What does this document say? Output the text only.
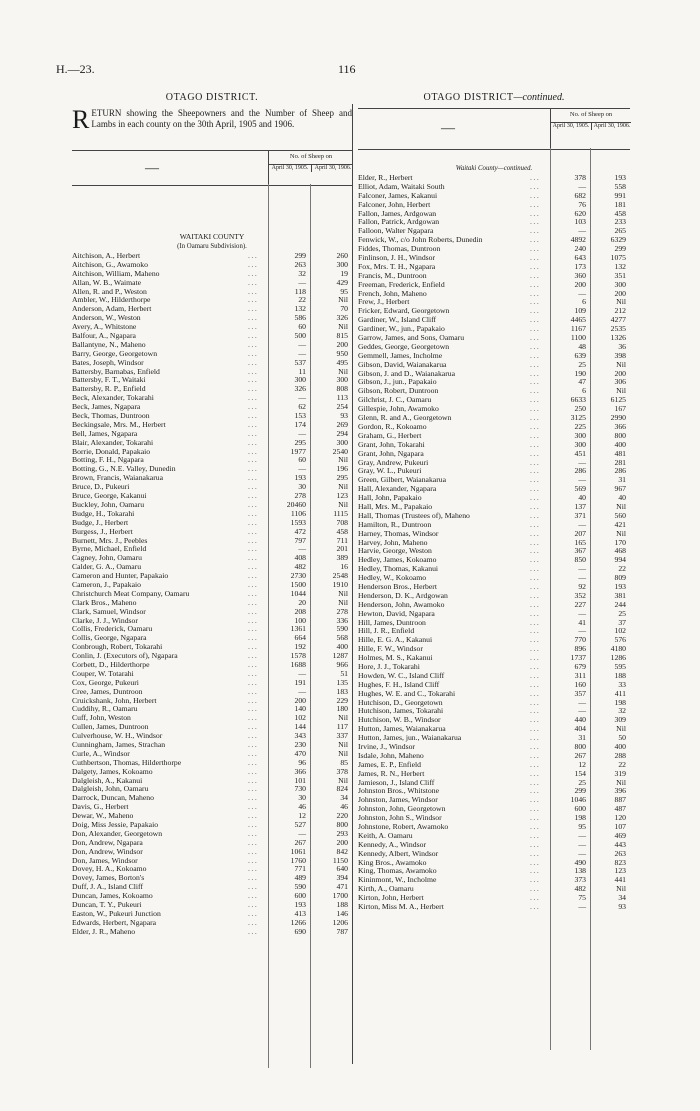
H.—23.	116
OTAGO DISTRICT.	OTAGO DISTRICT—continued.
RETURN showing the Sheepowners and the Number of Sheep and Lambs in each county on the 30th April, 1905 and 1906.
—
No. of Sheep on
April 30, 1905.	April 30, 1906.
WAITAKI COUNTY
(In Oamaru Subdivision).
Aitchison, A., Herbert	...	299	260
Aitchison, G., Awamoko	...	263	300
Aitchison, William, Maheno	...	32	19
Allan, W. B., Waimate	...	—	429
Allen, R. and P., Weston	...	118	95
Ambler, W., Hilderthorpe	...	22	Nil
Anderson, Adam, Herbert	...	132	70
Anderson, W., Weston	...	586	326
Avery, A., Whitstone	...	60	Nil
Balfour, A., Ngapara	...	500	815
Ballantyne, N., Maheno	...	—	200
Barry, George, Georgetown	...	—	950
Bates, Joseph, Windsor	...	537	495
Battersby, Barnabas, Enfield	...	11	Nil
Battersby, F. T., Waitaki	...	300	300
Battersby, R. P., Enfield	...	326	808
Beck, Alexander, Tokarahi	...	—	113
Beck, James, Ngapara	...	62	254
Beck, Thomas, Duntroon	...	153	93
Beckingsale, Mrs. M., Herbert	...	174	269
Bell, James, Ngapara	...	—	294
Blair, Alexander, Tokarahi	...	295	300
Borrie, Donald, Papakaio	...	1977	2540
Botting, F. H., Ngapara	...	60	Nil
Botting, G., N.E. Valley, Dunedin	...	—	196
Brown, Francis, Waianakarua	...	193	295
Bruce, D., Pukeuri	...	30	Nil
Bruce, George, Kakanui	...	278	123
Buckley, John, Oamaru	...	20460	Nil
Budge, H., Tokarahi	...	1106	1115
Budge, J., Herbert	...	1593	708
Burgess, J., Herbert	...	472	458
Burnett, Mrs. J., Peebles	...	797	711
Byrne, Michael, Enfield	...	—	201
Cagney, John, Oamaru	...	408	389
Calder, G. A., Oamaru	...	482	16
Cameron and Hunter, Papakaio	...	2730	2548
Cameron, J., Papakaio	...	1500	1910
Christchurch Meat Company, Oamaru	...	1044	Nil
Clark Bros., Maheno	...	20	Nil
Clark, Samuel, Windsor	...	208	278
Clarke, J. J., Windsor	...	100	336
Collis, Frederick, Oamaru	...	1361	590
Collis, George, Ngapara	...	664	568
Conbrough, Robert, Tokarahi	...	192	400
Conlin, J. (Executors of), Ngapara	...	1578	1287
Corbett, D., Hilderthorpe	...	1688	966
Couper, W. Totarahi	...	—	51
Cox, George, Pukeuri	...	191	135
Cree, James, Duntroon	...	—	183
Cruickshank, John, Herbert	...	200	229
Cuddihy, R., Oamaru	...	140	180
Cuff, John, Weston	...	102	Nil
Cullen, James, Duntroon	...	144	117
Culverhouse, W. H., Windsor	...	343	337
Cunningham, James, Strachan	...	230	Nil
Curle, A., Windsor	...	470	Nil
Cuthbertson, Thomas, Hilderthorpe	...	96	85
Dalgety, James, Kokoamo	...	366	378
Dalgleish, A., Kakanui	...	101	Nil
Dalgleish, John, Oamaru	...	730	824
Darrock, Duncan, Maheno	...	30	34
Davis, G., Herbert	...	46	46
Dewar, W., Maheno	...	12	220
Doig, Miss Jessie, Papakaio	...	527	800
Don, Alexander, Georgetown	...	—	293
Don, Andrew, Ngapara	...	267	200
Don, Andrew, Windsor	...	1061	842
Don, James, Windsor	...	1760	1150
Dovey, H. A., Kokoamo	...	771	640
Dovey, James, Borton's	...	489	394
Duff, J. A., Island Cliff	...	590	471
Duncan, James, Kokoamo	...	600	1700
Duncan, T. Y., Pukeuri	...	193	188
Easton, W., Pukeuri Junction	...	413	146
Edwards, Herbert, Ngapara	...	1266	1206
Elder, J. R., Maheno	...	690	787
—
No. of Sheep on
April 30, 1905. April 30, 1906.
Waitaki County—continued.
Elder, R., Herbert	...	378	193
Elliot, Adam, Waitaki South	...	—	558
Falconer, James, Kakanui	...	682	991
Falconer, John, Herbert	...	76	181
Fallon, James, Ardgowan	...	620	458
Fallon, Patrick, Ardgowan	...	103	233
Falloon, Walter Ngapara	...	—	265
Fenwick, W., c/o John Roberts, Dunedin	...	4892	6329
Fiddes, Thomas, Duntroon	...	240	299
Finlinson, J. H., Windsor	...	643	1075
Fox, Mrs. T. H., Ngapara	...	173	132
Francis, M., Duntroon	...	360	351
Freeman, Frederick, Enfield	...	200	300
French, John, Maheno	...	—	200
Frew, J., Herbert	...	6	Nil
Fricker, Edward, Georgetown	...	109	212
Gardiner, W., Island Cliff	...	4465	4277
Gardiner, W., jun., Papakaio	...	1167	2535
Garrow, James, and Sons, Oamaru	...	1100	1326
Geddes, George, Georgetown	...	48	36
Gemmell, James, Incholme	...	639	398
Gibson, David, Waianakarua	...	25	Nil
Gibson, J. and D., Waianakarua	...	190	200
Gibson, J., jun., Papakaio	...	47	306
Gibson, Robert, Duntroon	...	6	Nil
Gilchrist, J. C., Oamaru	...	6633	6125
Gillespie, John, Awamoko	...	250	167
Glenn, R. and A., Georgetown	...	3125	2990
Gordon, R., Kokoamo	...	225	366
Graham, G., Herbert	...	300	800
Grant, John, Tokarahi	...	300	400
Grant, John, Ngapara	...	451	481
Gray, Andrew, Pukeuri	...	—	281
Gray, W. L., Pukeuri	...	286	286
Green, Gilbert, Waianakarua	...	—	31
Hall, Alexander, Ngapara	...	569	967
Hall, John, Papakaio	...	40	40
Hall, Mrs. M., Papakaio	...	137	Nil
Hall, Thomas (Trustees of), Maheno	...	371	560
Hamilton, R., Duntroon	...	—	421
Harney, Thomas, Windsor	...	207	Nil
Harvey, John, Maheno	...	165	170
Harvie, George, Weston	...	367	468
Hedley, James, Kokoamo	...	850	994
Hedley, Thomas, Kakanui	...	—	22
Hedley, W., Kokoamo	...	—	809
Henderson Bros., Herbert	...	92	193
Henderson, D. K., Ardgowan	...	352	381
Henderson, John, Awamoko	...	227	244
Hewton, David, Ngapara	...	—	25
Hill, James, Duntroon	...	41	37
Hill, J. R., Enfield	...	—	102
Hille, E. G. A., Kakanui	...	770	576
Hille, F. W., Windsor	...	896	4180
Holmes, M. S., Kakanui	...	1737	1286
Hore, J. J., Tokarahi	...	679	595
Howden, W. C., Island Cliff	...	311	188
Hughes, F. H., Island Cliff	...	160	33
Hughes, W. E. and C., Tokarahi	...	357	411
Hutchison, D., Georgetown	...	—	198
Hutchison, James, Tokarahi	...	—	32
Hutchison, W. B., Windsor	...	440	309
Hutton, James, Waianakarua	...	404	Nil
Hutton, James, jun., Waianakarua	...	31	50
Irvine, J., Windsor	...	800	400
Isdale, John, Maheno	...	267	288
James, E. P., Enfield	...	12	22
James, R. N., Herbert	...	154	319
Jamieson, J., Island Cliff	...	25	Nil
Johnston Bros., Whitstone	...	299	396
Johnston, James, Windsor	...	1046	887
Johnston, John, Georgetown	...	600	487
Johnston, John S., Windsor	...	198	120
Johnstone, Robert, Awamoko	...	95	107
Keith, A. Oamaru	...	—	469
Kennedy, A., Windsor	...	—	443
Kennedy, Albert, Windsor	...	—	263
King Bros., Awamoko	...	490	823
King, Thomas, Awamoko	...	138	123
Kininmont, W., Incholme	...	373	441
Kirth, A., Oamaru	...	482	Nil
Kirton, John, Herbert	...	75	34
Kirton, Miss M. A., Herbert	...	—	93
